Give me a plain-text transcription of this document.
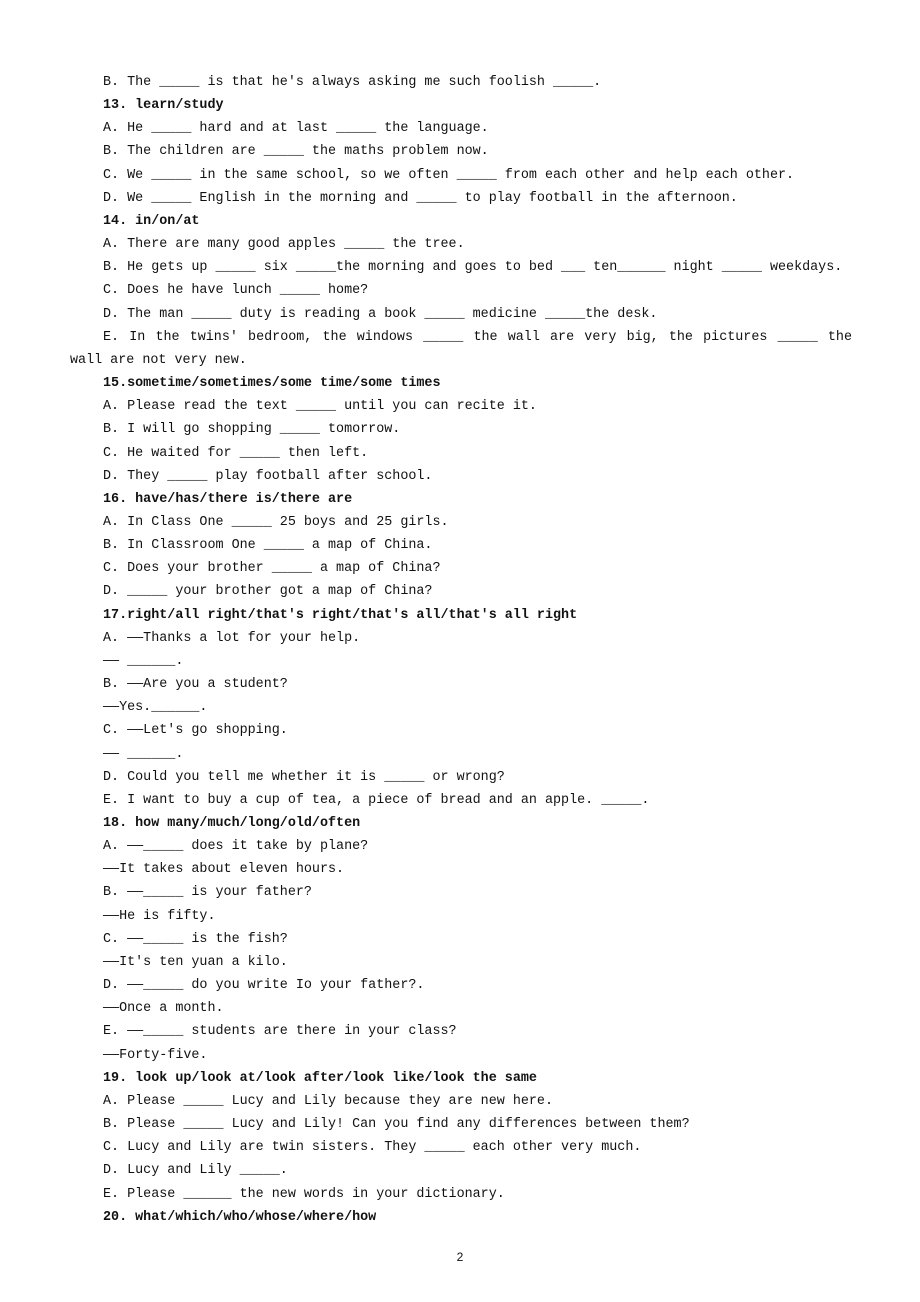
B. The _____ is that he's always asking me such foolish _____.
13. learn/study
A. He _____ hard and at last _____ the language.
B. The children are _____ the maths problem now.
C. We _____ in the same school, so we often _____ from each other and help each other.
D. We _____ English in the morning and _____ to play football in the afternoon.
14. in/on/at
A. There are many good apples _____ the tree.
B. He gets up _____ six _____the morning and goes to bed ___ ten______ night _____ weekdays.
C. Does he have lunch _____ home?
D. The man _____ duty is reading a book _____ medicine _____the desk.
E. In the twins' bedroom, the windows _____ the wall are very big, the pictures _____ the wall are not very new.
15.sometime/sometimes/some time/some times
A. Please read the text _____ until you can recite it.
B. I will go shopping _____ tomorrow.
C. He waited for _____ then left.
D. They _____ play football after school.
16. have/has/there is/there are
A. In Class One _____ 25 boys and 25 girls.
B. In Classroom One _____ a map of China.
C. Does your brother _____ a map of China?
D. _____ your brother got a map of China?
17.right/all right/that's right/that's all/that's all right
A. ——Thanks a lot for your help.
—— ______.
B. ——Are you a student?
——Yes.______.
C. ——Let's go shopping.
—— ______.
D. Could you tell me whether it is _____ or wrong?
E. I want to buy a cup of tea, a piece of bread and an apple. _____.
18. how many/much/long/old/often
A. ——_____ does it take by plane?
——It takes about eleven hours.
B. ——_____ is your father?
——He is fifty.
C. ——_____ is the fish?
——It's ten yuan a kilo.
D. ——_____ do you write Io your father?.
——Once a month.
E. ——_____ students are there in your class?
——Forty-five.
19. look up/look at/look after/look like/look the same
A. Please _____ Lucy and Lily because they are new here.
B. Please _____ Lucy and Lily! Can you find any differences between them?
C. Lucy and Lily are twin sisters. They _____ each other very much.
D. Lucy and Lily _____.
E. Please ______ the new words in your dictionary.
20. what/which/who/whose/where/how
2
